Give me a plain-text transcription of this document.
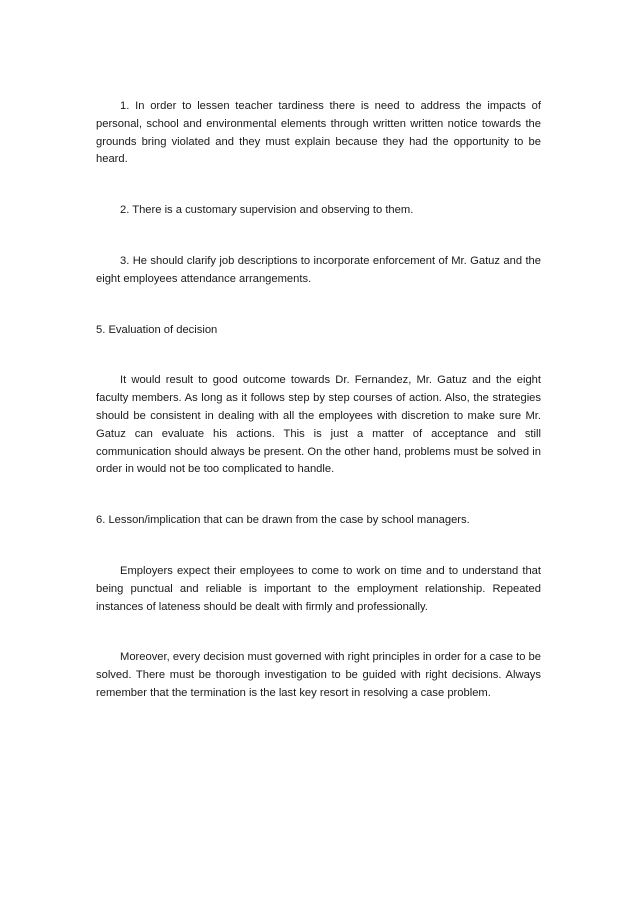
1. In order to lessen teacher tardiness there is need to address the impacts of personal, school and environmental elements through written written notice towards the grounds bring violated and they must explain because they had the opportunity to be heard.

2. There is a customary supervision and observing to them.

3. He should clarify job descriptions to incorporate enforcement of Mr. Gatuz and the eight employees attendance arrangements.

5. Evaluation of decision

It would result to good outcome towards Dr. Fernandez, Mr. Gatuz and the eight faculty members. As long as it follows step by step courses of action. Also, the strategies should be consistent in dealing with all the employees with discretion to make sure Mr. Gatuz can evaluate his actions. This is just a matter of acceptance and still communication should always be present. On the other hand, problems must be solved in order in would not be too complicated to handle.

6. Lesson/implication that can be drawn from the case by school managers.

Employers expect their employees to come to work on time and to understand that being punctual and reliable is important to the employment relationship. Repeated instances of lateness should be dealt with firmly and professionally.

Moreover, every decision must governed with right principles in order for a case to be solved. There must be thorough investigation to be guided with right decisions. Always remember that the termination is the last key resort in resolving a case problem.
